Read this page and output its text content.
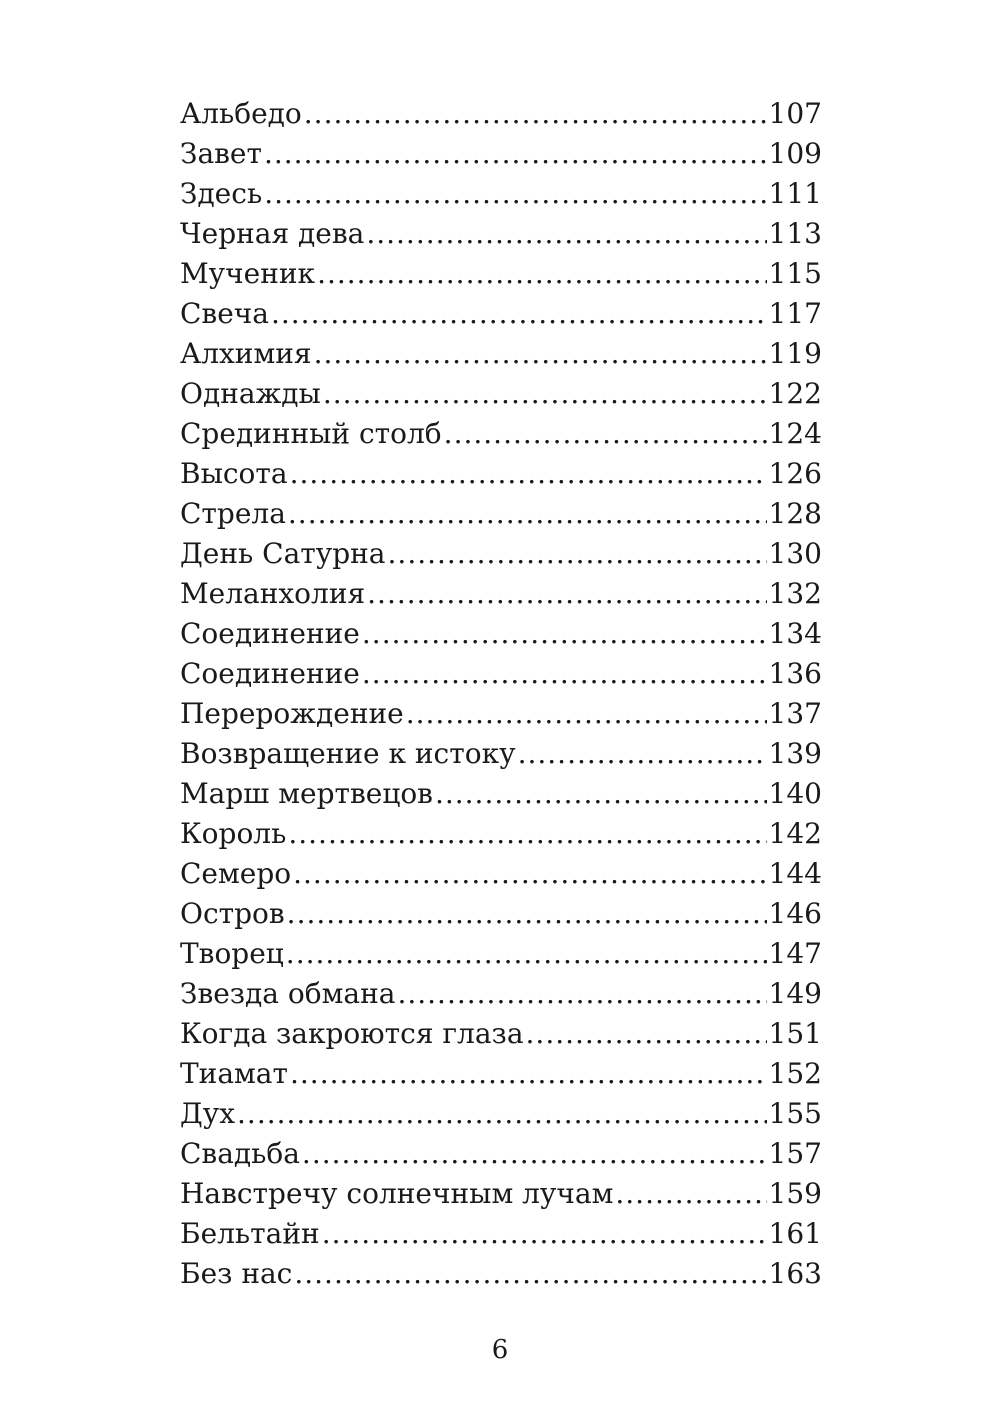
Альбедо .....	107
Завет .....	109
Здесь .....	111
Черная дева .....	113
Мученик .....	115
Свеча .....	117
Алхимия .....	119
Однажды .....	122
Срединный столб .....	124
Высота .....	126
Стрела .....	128
День Сатурна .....	130
Меланхолия .....	132
Соединение .....	134
Соединение .....	136
Перерождение .....	137
Возвращение к истоку .....	139
Марш мертвецов .....	140
Король .....	142
Семеро .....	144
Остров .....	146
Творец .....	147
Звезда обмана .....	149
Когда закроются глаза .....	151
Тиамат .....	152
Дух .....	155
Свадьба .....	157
Навстречу солнечным лучам .....	159
Бельтайн .....	161
Без нас .....	163
6
